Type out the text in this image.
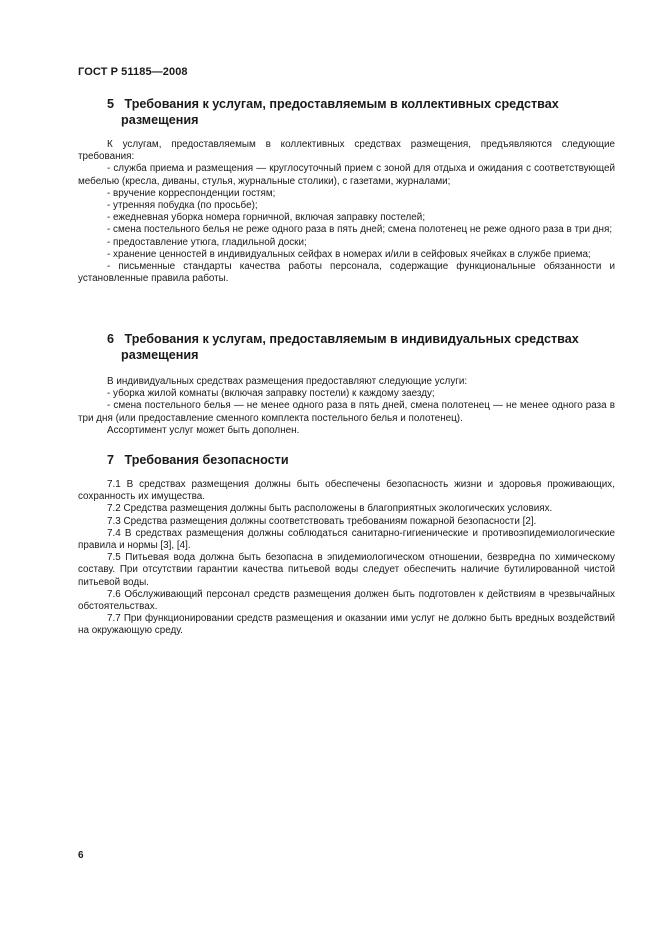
ГОСТ Р 51185—2008
5 Требования к услугам, предоставляемым в коллективных средствах
размещения

К услугам, предоставляемым в коллективных средствах размещения, предъявляются следующие требования:

- служба приема и размещения — круглосуточный прием с зоной для отдыха и ожидания с соответствующей мебелью (кресла, диваны, стулья, журнальные столики), с газетами, журналами;

- вручение корреспонденции гостям;

- утренняя побудка (по просьбе);

- ежедневная уборка номера горничной, включая заправку постелей;

- смена постельного белья не реже одного раза в пять дней; смена полотенец не реже одного раза в три дня;

- предоставление утюга, гладильной доски;

- хранение ценностей в индивидуальных сейфах в номерах и/или в сейфовых ячейках в службе приема;

- письменные стандарты качества работы персонала, содержащие функциональные обязанности и установленные правила работы.

6 Требования к услугам, предоставляемым в индивидуальных средствах
размещения

В индивидуальных средствах размещения предоставляют следующие услуги:

- уборка жилой комнаты (включая заправку постели) к каждому заезду;

- смена постельного белья — не менее одного раза в пять дней, смена полотенец — не менее одного раза в три дня (или предоставление сменного комплекта постельного белья и полотенец).

Ассортимент услуг может быть дополнен.

7 Требования безопасности

7.1 В средствах размещения должны быть обеспечены безопасность жизни и здоровья проживающих, сохранность их имущества.

7.2 Средства размещения должны быть расположены в благоприятных экологических условиях.

7.3 Средства размещения должны соответствовать требованиям пожарной безопасности [2].

7.4 В средствах размещения должны соблюдаться санитарно-гигиенические и противоэпидемиологические правила и нормы [3], [4].

7.5 Питьевая вода должна быть безопасна в эпидемиологическом отношении, безвредна по химическому составу. При отсутствии гарантии качества питьевой воды следует обеспечить наличие бутилированной чистой питьевой воды.

7.6 Обслуживающий персонал средств размещения должен быть подготовлен к действиям в чрезвычайных обстоятельствах.

7.7 При функционировании средств размещения и оказании ими услуг не должно быть вредных воздействий на окружающую среду.

6
